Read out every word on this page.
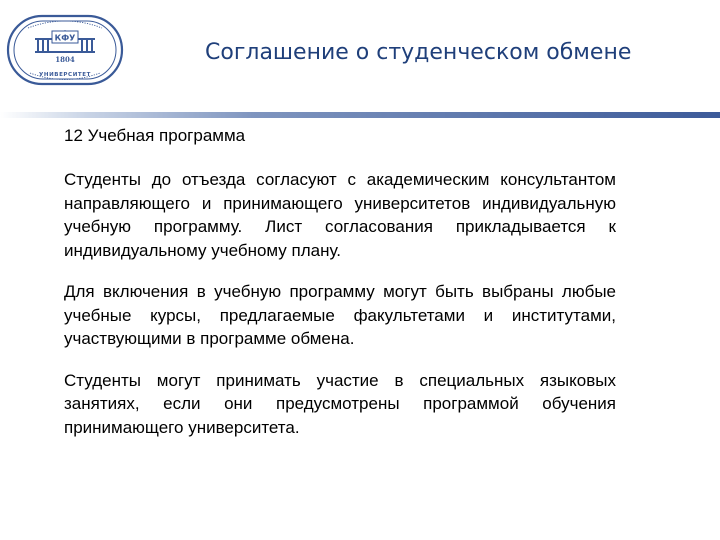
КФУ
1804
УНИВЕРСИТЕТ
Соглашение о студенческом обмене

12 Учебная программа

Студенты до отъезда согласуют с академическим консультантом направляющего и принимающего университетов индивидуальную учебную программу. Лист согласования прикладывается к индивидуальному учебному плану.

Для включения в учебную программу могут быть выбраны любые учебные курсы, предлагаемые факультетами и институтами, участвующими в программе обмена.

Студенты могут принимать участие в специальных языковых занятиях, если они предусмотрены программой обучения принимающего университета.
